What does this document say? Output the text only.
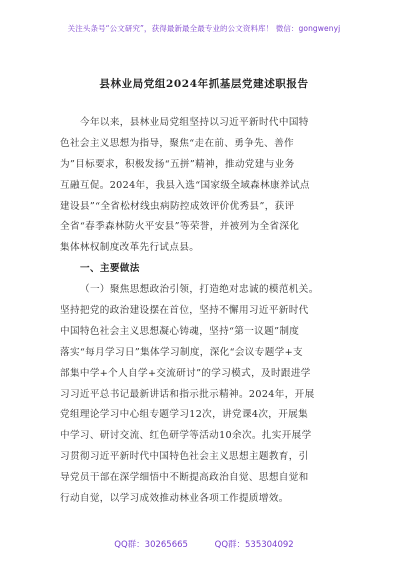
关注头条号“公文研究”，获得最新最全最专业的公文资料库！ 微信：gongwenyj
县林业局党组2024年抓基层党建述职报告
今年以来，县林业局党组坚持以习近平新时代中国特
色社会主义思想为指导，聚焦“走在前、勇争先、善作
为”目标要求，积极发扬“五拼”精神，推动党建与业务
互融互促。2024年，我县入选“国家级全域森林康养试点
建设县”“全省松材线虫病防控成效评价优秀县”，获评
全省“春季森林防火平安县”等荣誉，并被列为全省深化
集体林权制度改革先行试点县。
一、主要做法
（一）聚焦思想政治引领，打造绝对忠诚的模范机关。
坚持把党的政治建设摆在首位，坚持不懈用习近平新时代
中国特色社会主义思想凝心铸魂，坚持“第一议题”制度
落实“每月学习日”集体学习制度，深化“会议专题学+支
部集中学+个人自学+交流研讨”的学习模式，及时跟进学
习习近平总书记最新讲话和指示批示精神。2024年，开展
党组理论学习中心组专题学习12次，讲党课4次，开展集
中学习、研讨交流、红色研学等活动10余次。扎实开展学
习贯彻习近平新时代中国特色社会主义思想主题教育，引
导党员干部在深学细悟中不断提高政治自觉、思想自觉和
行动自觉，以学习成效推动林业各项工作提质增效。
QQ群：30265665	QQ群：535304092
